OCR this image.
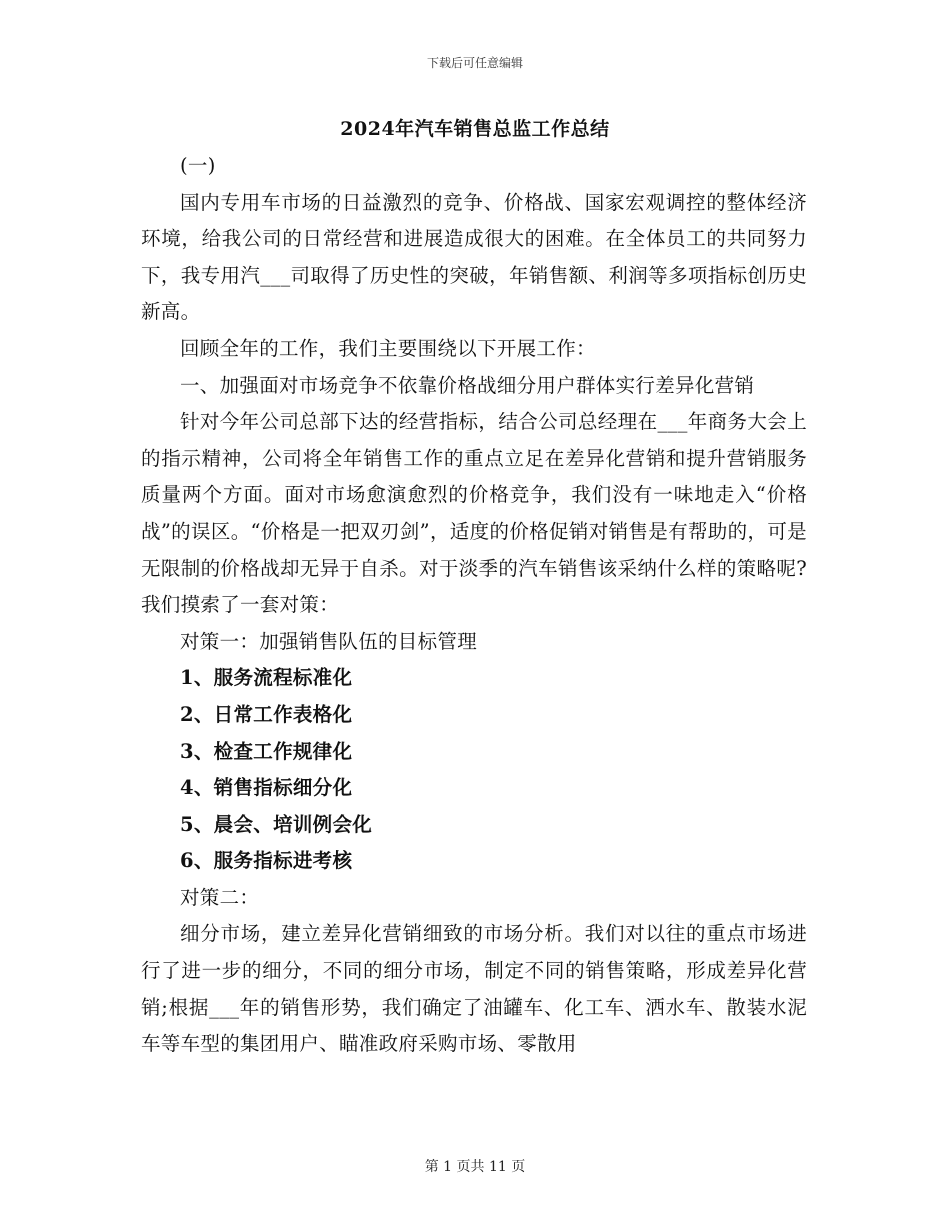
下载后可任意编辑
2024年汽车销售总监工作总结

(一)

国内专用车市场的日益激烈的竞争、价格战、国家宏观调控的整体经济环境，给我公司的日常经营和进展造成很大的困难。在全体员工的共同努力下，我专用汽___司取得了历史性的突破，年销售额、利润等多项指标创历史新高。

回顾全年的工作，我们主要围绕以下开展工作：

一、加强面对市场竞争不依靠价格战细分用户群体实行差异化营销

针对今年公司总部下达的经营指标，结合公司总经理在___年商务大会上的指示精神，公司将全年销售工作的重点立足在差异化营销和提升营销服务质量两个方面。面对市场愈演愈烈的价格竞争，我们没有一味地走入“价格战”的误区。“价格是一把双刃剑”，适度的价格促销对销售是有帮助的，可是无限制的价格战却无异于自杀。对于淡季的汽车销售该采纳什么样的策略呢?我们摸索了一套对策：

对策一：加强销售队伍的目标管理

1、服务流程标准化

2、日常工作表格化

3、检查工作规律化

4、销售指标细分化

5、晨会、培训例会化

6、服务指标进考核

对策二：

细分市场，建立差异化营销细致的市场分析。我们对以往的重点市场进行了进一步的细分，不同的细分市场，制定不同的销售策略，形成差异化营销;根据___年的销售形势，我们确定了油罐车、化工车、洒水车、散装水泥车等车型的集团用户、瞄准政府采购市场、零散用

第 1 页共 11 页
